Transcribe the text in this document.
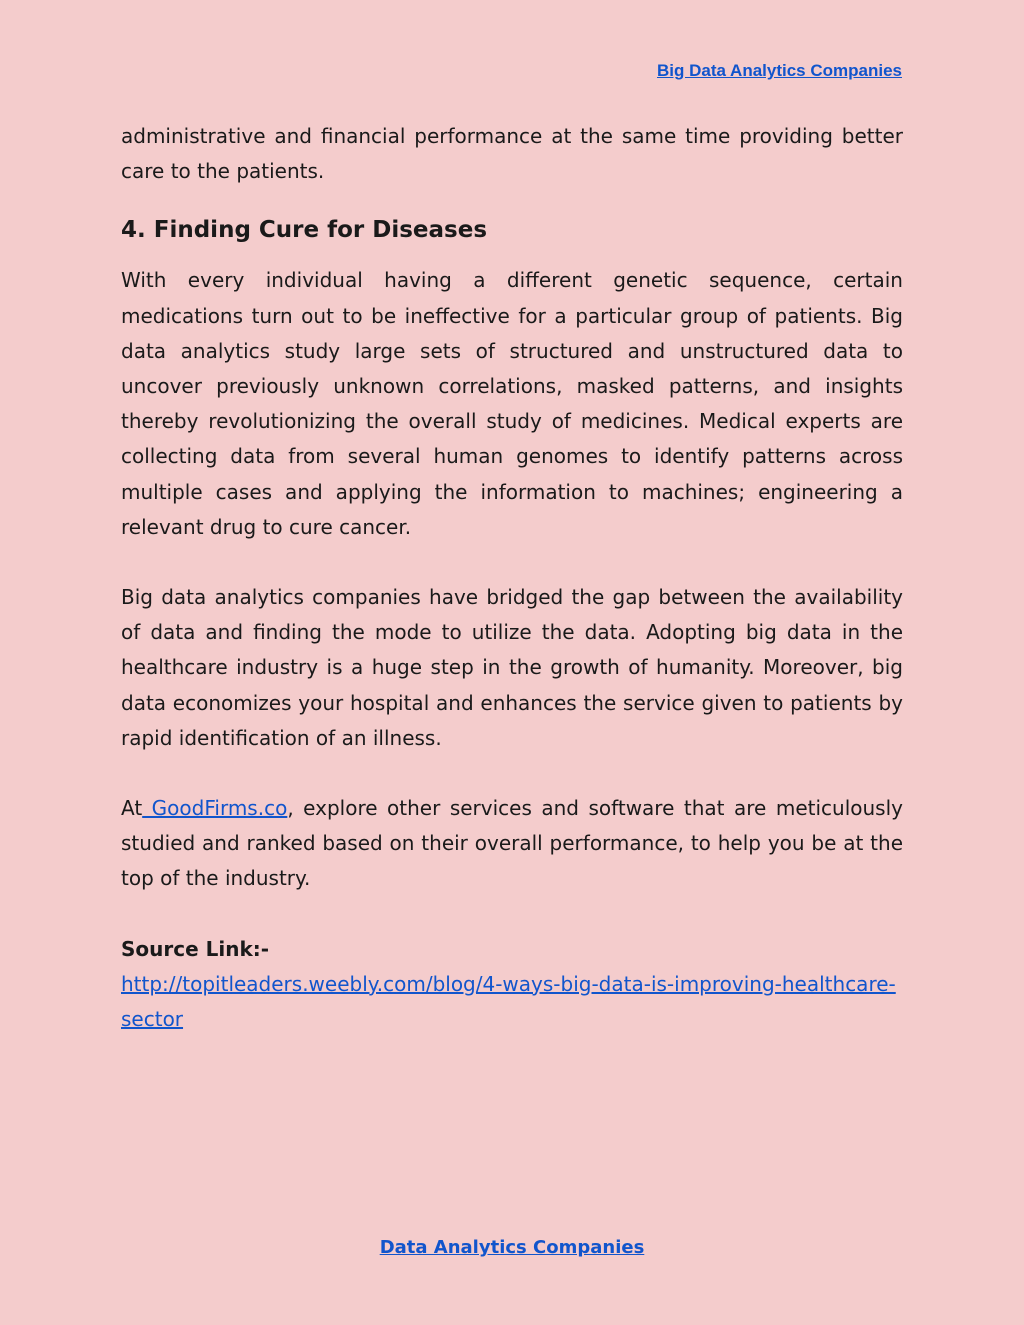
Big Data Analytics Companies

administrative and financial performance at the same time providing better care to the patients.

4. Finding Cure for Diseases

With every individual having a different genetic sequence, certain medications turn out to be ineffective for a particular group of patients. Big data analytics study large sets of structured and unstructured data to uncover previously unknown correlations, masked patterns, and insights thereby revolutionizing the overall study of medicines. Medical experts are collecting data from several human genomes to identify patterns across multiple cases and applying the information to machines; engineering a relevant drug to cure cancer.

Big data analytics companies have bridged the gap between the availability of data and finding the mode to utilize the data. Adopting big data in the healthcare industry is a huge step in the growth of humanity. Moreover, big data economizes your hospital and enhances the service given to patients by rapid identification of an illness.

At GoodFirms.co, explore other services and software that are meticulously studied and ranked based on their overall performance, to help you be at the top of the industry.

Source Link:-

http://topitleaders.weebly.com/blog/4-ways-big-data-is-improving-healthcare-sector

Data Analytics Companies
